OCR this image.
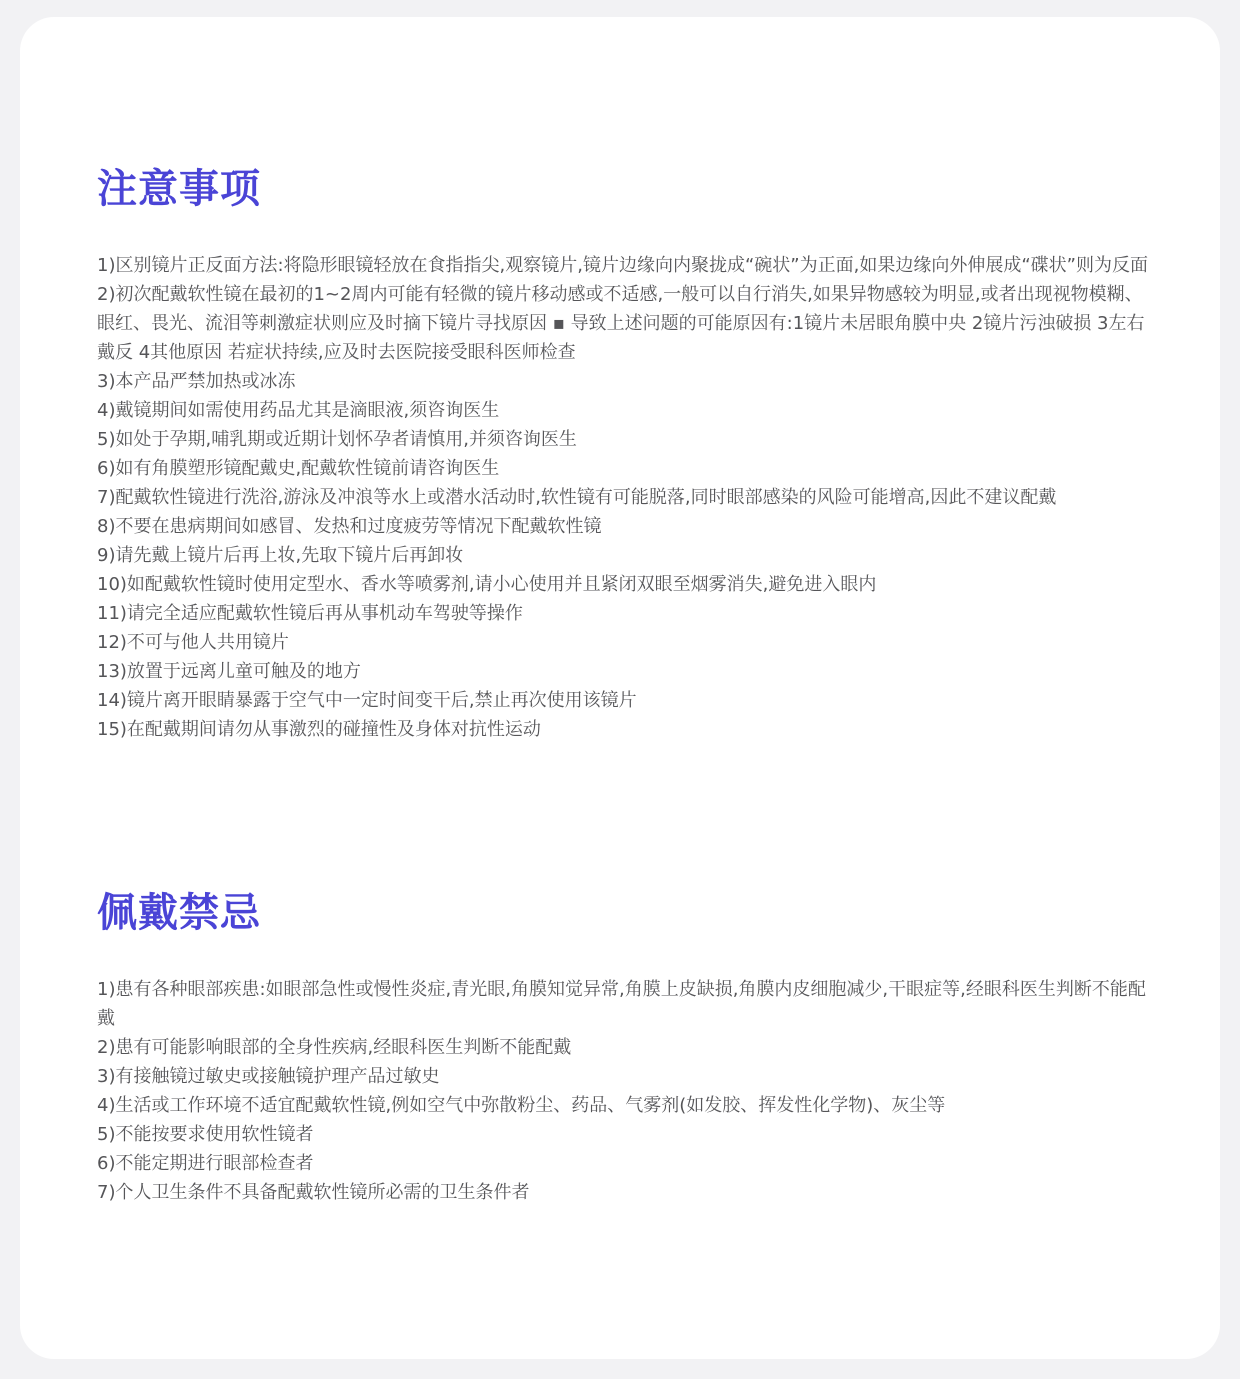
注意事项
1)区别镜片正反面方法:将隐形眼镜轻放在食指指尖,观察镜片,镜片边缘向内聚拢成“碗状”为正面,如果边缘向外伸展成“碟状”则为反面
2)初次配戴软性镜在最初的1~2周内可能有轻微的镜片移动感或不适感,一般可以自行消失,如果异物感较为明显,或者出现视物模糊、眼红、畏光、流泪等刺激症状则应及时摘下镜片寻找原因 ▪ 导致上述问题的可能原因有:1镜片未居眼角膜中央 2镜片污浊破损 3左右戴反 4其他原因 若症状持续,应及时去医院接受眼科医师检查
3)本产品严禁加热或冰冻
4)戴镜期间如需使用药品尤其是滴眼液,须咨询医生
5)如处于孕期,哺乳期或近期计划怀孕者请慎用,并须咨询医生
6)如有角膜塑形镜配戴史,配戴软性镜前请咨询医生
7)配戴软性镜进行洗浴,游泳及冲浪等水上或潜水活动时,软性镜有可能脱落,同时眼部感染的风险可能增高,因此不建议配戴
8)不要在患病期间如感冒、发热和过度疲劳等情况下配戴软性镜
9)请先戴上镜片后再上妆,先取下镜片后再卸妆
10)如配戴软性镜时使用定型水、香水等喷雾剂,请小心使用并且紧闭双眼至烟雾消失,避免进入眼内
11)请完全适应配戴软性镜后再从事机动车驾驶等操作
12)不可与他人共用镜片
13)放置于远离儿童可触及的地方
14)镜片离开眼睛暴露于空气中一定时间变干后,禁止再次使用该镜片
15)在配戴期间请勿从事激烈的碰撞性及身体对抗性运动
佩戴禁忌
1)患有各种眼部疾患:如眼部急性或慢性炎症,青光眼,角膜知觉异常,角膜上皮缺损,角膜内皮细胞减少,干眼症等,经眼科医生判断不能配戴
2)患有可能影响眼部的全身性疾病,经眼科医生判断不能配戴
3)有接触镜过敏史或接触镜护理产品过敏史
4)生活或工作环境不适宜配戴软性镜,例如空气中弥散粉尘、药品、气雾剂(如发胶、挥发性化学物)、灰尘等
5)不能按要求使用软性镜者
6)不能定期进行眼部检查者
7)个人卫生条件不具备配戴软性镜所必需的卫生条件者
